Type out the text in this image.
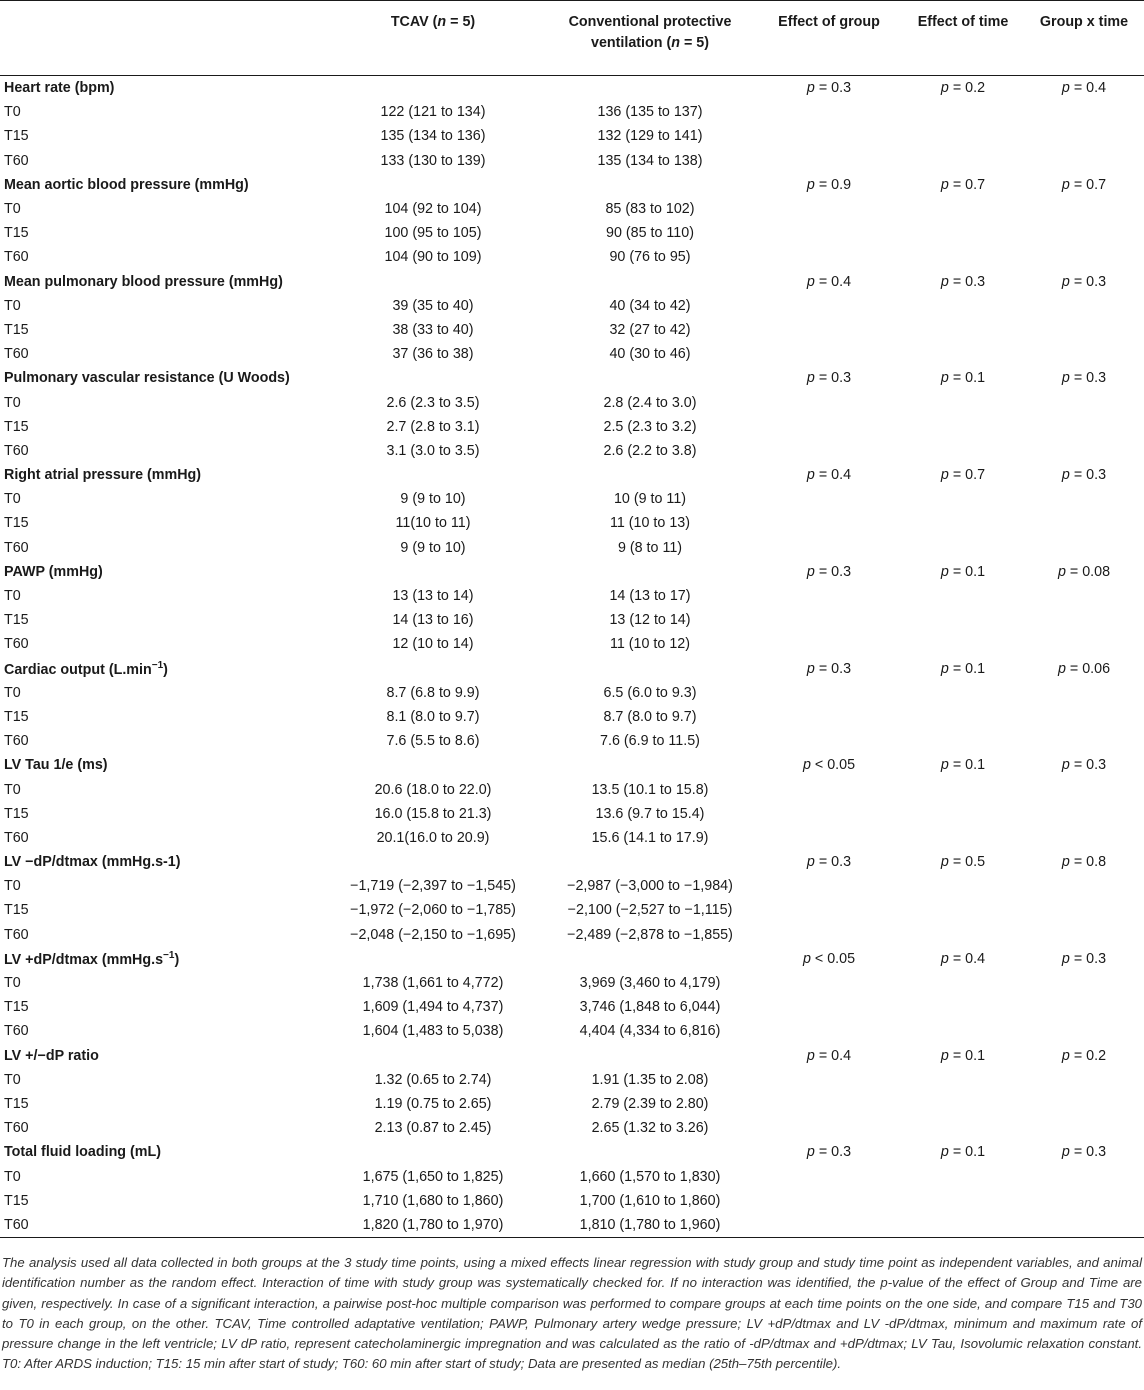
	TCAV (n = 5)	Conventional protective
ventilation (n = 5)	Effect of group	Effect of time	Group x time
Heart rate (bpm)			p = 0.3	p = 0.2	p = 0.4
T0	122 (121 to 134)	136 (135 to 137)			
T15	135 (134 to 136)	132 (129 to 141)			
T60	133 (130 to 139)	135 (134 to 138)			
Mean aortic blood pressure (mmHg)			p = 0.9	p = 0.7	p = 0.7
T0	104 (92 to 104)	85 (83 to 102)			
T15	100 (95 to 105)	90 (85 to 110)			
T60	104 (90 to 109)	90 (76 to 95)			
Mean pulmonary blood pressure (mmHg)			p = 0.4	p = 0.3	p = 0.3
T0	39 (35 to 40)	40 (34 to 42)			
T15	38 (33 to 40)	32 (27 to 42)			
T60	37 (36 to 38)	40 (30 to 46)			
Pulmonary vascular resistance (U Woods)			p = 0.3	p = 0.1	p = 0.3
T0	2.6 (2.3 to 3.5)	2.8 (2.4 to 3.0)			
T15	2.7 (2.8 to 3.1)	2.5 (2.3 to 3.2)			
T60	3.1 (3.0 to 3.5)	2.6 (2.2 to 3.8)			
Right atrial pressure (mmHg)			p = 0.4	p = 0.7	p = 0.3
T0	9 (9 to 10)	10 (9 to 11)			
T15	11(10 to 11)	11 (10 to 13)			
T60	9 (9 to 10)	9 (8 to 11)			
PAWP (mmHg)			p = 0.3	p = 0.1	p = 0.08
T0	13 (13 to 14)	14 (13 to 17)			
T15	14 (13 to 16)	13 (12 to 14)			
T60	12 (10 to 14)	11 (10 to 12)			
Cardiac output $(L.\min^{-1})$			p = 0.3	p = 0.1	p = 0.06
T0	8.7 (6.8 to 9.9)	6.5 (6.0 to 9.3)			
T15	8.1 (8.0 to 9.7)	8.7 (8.0 to 9.7)			
T60	7.6 (5.5 to 8.6)	7.6 (6.9 to 11.5)			
LV Tau 1/e (ms)			p < 0.05	p = 0.1	p = 0.3
T0	20.6 (18.0 to 22.0)	13.5 (10.1 to 15.8)			
T15	16.0 (15.8 to 21.3)	13.6 (9.7 to 15.4)			
T60	20.1(16.0 to 20.9)	15.6 (14.1 to 17.9)			
LV −dP/dtmax (mmHg.s-1)			p = 0.3	p = 0.5	p = 0.8
T0	−1,719 (−2,397 to −1,545)	−2,987 (−3,000 to −1,984)			
T15	−1,972 (−2,060 to −1,785)	−2,100 (−2,527 to −1,115)			
T60	−2,048 (−2,150 to −1,695)	−2,489 (−2,878 to −1,855)			
LV +dP/dtmax $(mmHg.s^{-1})$			p < 0.05	p = 0.4	p = 0.3
T0	1,738 (1,661 to 4,772)	3,969 (3,460 to 4,179)			
T15	1,609 (1,494 to 4,737)	3,746 (1,848 to 6,044)			
T60	1,604 (1,483 to 5,038)	4,404 (4,334 to 6,816)			
LV +/−dP ratio			p = 0.4	p = 0.1	p = 0.2
T0	1.32 (0.65 to 2.74)	1.91 (1.35 to 2.08)			
T15	1.19 (0.75 to 2.65)	2.79 (2.39 to 2.80)			
T60	2.13 (0.87 to 2.45)	2.65 (1.32 to 3.26)			
Total fluid loading (mL)			p = 0.3	p = 0.1	p = 0.3
T0	1,675 (1,650 to 1,825)	1,660 (1,570 to 1,830)			
T15	1,710 (1,680 to 1,860)	1,700 (1,610 to 1,860)			
T60	1,820 (1,780 to 1,970)	1,810 (1,780 to 1,960)			
The analysis used all data collected in both groups at the 3 study time points, using a mixed effects linear regression with study group and study time point as independent variables, and animal identification number as the random effect. Interaction of time with study group was systematically checked for. If no interaction was identified, the p-value of the effect of Group and Time are given, respectively. In case of a significant interaction, a pairwise post-hoc multiple comparison was performed to compare groups at each time points on the one side, and compare T15 and T30 to T0 in each group, on the other. TCAV, Time controlled adaptative ventilation; PAWP, Pulmonary artery wedge pressure; LV +dP/dtmax and LV -dP/dtmax, minimum and maximum rate of pressure change in the left ventricle; LV dP ratio, represent catecholaminergic impregnation and was calculated as the ratio of -dP/dtmax and +dP/dtmax; LV Tau, Isovolumic relaxation constant. T0: After ARDS induction; T15: 15 min after start of study; T60: 60 min after start of study; Data are presented as median (25th–75th percentile).
